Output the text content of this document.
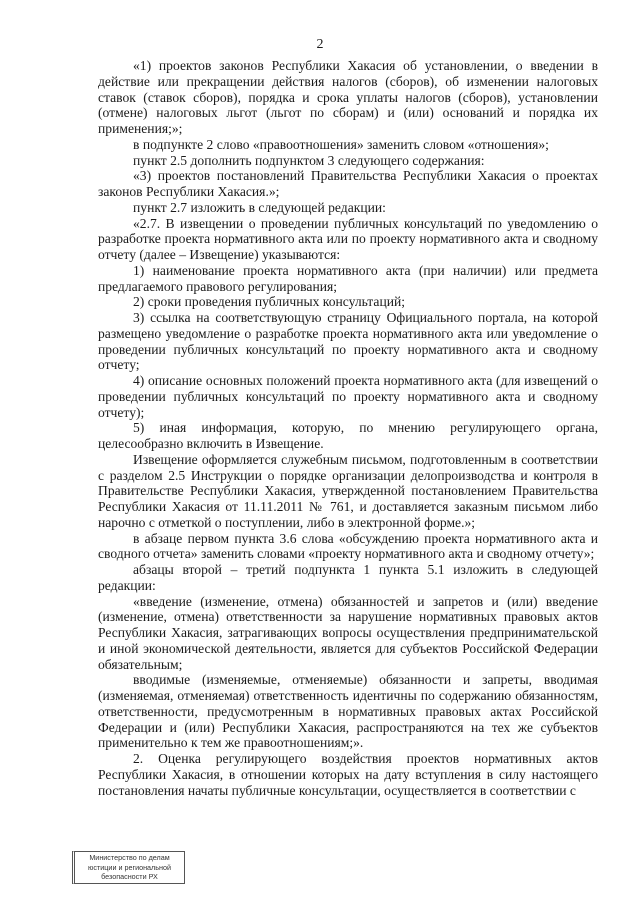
2

«1) проектов законов Республики Хакасия об установлении, о введении в действие или прекращении действия налогов (сборов), об изменении налоговых ставок (ставок сборов), порядка и срока уплаты налогов (сборов), установлении (отмене) налоговых льгот (льгот по сборам) и (или) оснований и порядка их применения;»;

в подпункте 2 слово «правоотношения» заменить словом «отношения»;

пункт 2.5 дополнить подпунктом 3 следующего содержания:

«3) проектов постановлений Правительства Республики Хакасия о проектах законов Республики Хакасия.»;

пункт 2.7 изложить в следующей редакции:

«2.7. В извещении о проведении публичных консультаций по уведомлению о разработке проекта нормативного акта или по проекту нормативного акта и сводному отчету (далее – Извещение) указываются:

1) наименование проекта нормативного акта (при наличии) или предмета предлагаемого правового регулирования;

2) сроки проведения публичных консультаций;

3) ссылка на соответствующую страницу Официального портала, на которой размещено уведомление о разработке проекта нормативного акта или уведомление о проведении публичных консультаций по проекту нормативного акта и сводному отчету;

4) описание основных положений проекта нормативного акта (для извещений о проведении публичных консультаций по проекту нормативного акта и сводному отчету);

5) иная информация, которую, по мнению регулирующего органа, целесообразно включить в Извещение.

Извещение оформляется служебным письмом, подготовленным в соответствии с разделом 2.5 Инструкции о порядке организации делопроизводства и контроля в Правительстве Республики Хакасия, утвержденной постановлением Правительства Республики Хакасия от 11.11.2011 № 761, и доставляется заказным письмом либо нарочно с отметкой о поступлении, либо в электронной форме.»;

в абзаце первом пункта 3.6 слова «обсуждению проекта нормативного акта и сводного отчета» заменить словами «проекту нормативного акта и сводному отчету»;

абзацы второй – третий подпункта 1 пункта 5.1 изложить в следующей редакции:

«введение (изменение, отмена) обязанностей и запретов и (или) введение (изменение, отмена) ответственности за нарушение нормативных правовых актов Республики Хакасия, затрагивающих вопросы осуществления предпринимательской и иной экономической деятельности, является для субъектов Российской Федерации обязательным;

вводимые (изменяемые, отменяемые) обязанности и запреты, вводимая (изменяемая, отменяемая) ответственность идентичны по содержанию обязанностям, ответственности, предусмотренным в нормативных правовых актах Российской Федерации и (или) Республики Хакасия, распространяются на тех же субъектов применительно к тем же правоотношениям;».

2. Оценка регулирующего воздействия проектов нормативных актов Республики Хакасия, в отношении которых на дату вступления в силу настоящего постановления начаты публичные консультации, осуществляется в соответствии с

Министерство по делам
юстиции и региональной
безопасности РХ
